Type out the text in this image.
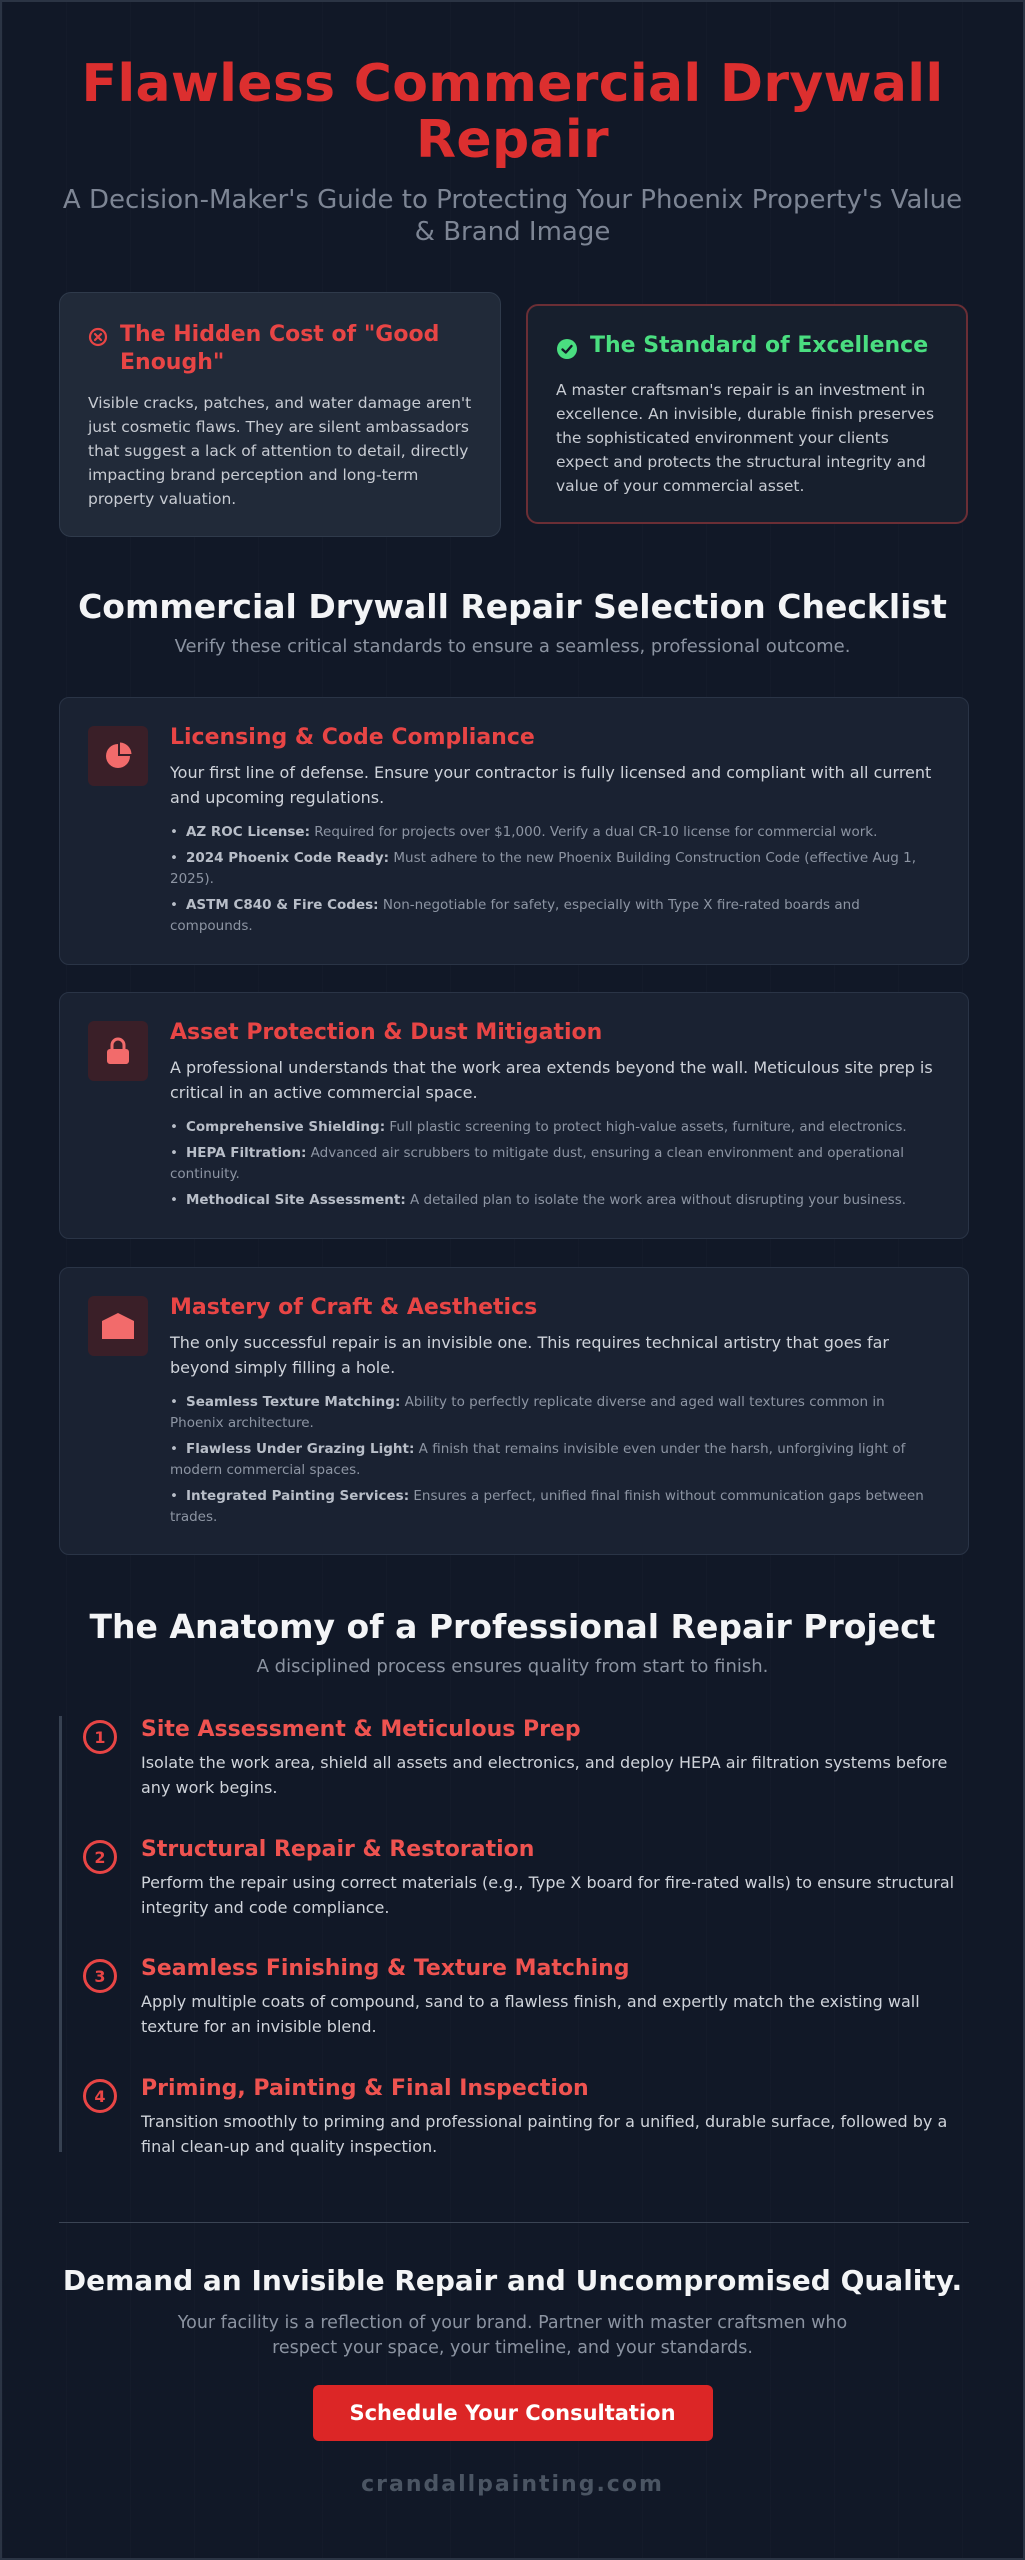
Flawless Commercial Drywall Repair

A Decision-Maker's Guide to Protecting Your Phoenix Property's Value & Brand Image

The Hidden Cost of "Good Enough"

Visible cracks, patches, and water damage aren't just cosmetic flaws. They are silent ambassadors that suggest a lack of attention to detail, directly impacting brand perception and long-term property valuation.

The Standard of Excellence

A master craftsman's repair is an investment in excellence. An invisible, durable finish preserves the sophisticated environment your clients expect and protects the structural integrity and value of your commercial asset.

Commercial Drywall Repair Selection Checklist

Verify these critical standards to ensure a seamless, professional outcome.

Licensing & Code Compliance

Your first line of defense. Ensure your contractor is fully licensed and compliant with all current and upcoming regulations.

• AZ ROC License: Required for projects over $1,000. Verify a dual CR-10 license for commercial work.
• 2024 Phoenix Code Ready: Must adhere to the new Phoenix Building Construction Code (effective Aug 1, 2025).
• ASTM C840 & Fire Codes: Non-negotiable for safety, especially with Type X fire-rated boards and compounds.
Asset Protection & Dust Mitigation

A professional understands that the work area extends beyond the wall. Meticulous site prep is critical in an active commercial space.

• Comprehensive Shielding: Full plastic screening to protect high-value assets, furniture, and electronics.
• HEPA Filtration: Advanced air scrubbers to mitigate dust, ensuring a clean environment and operational continuity.
• Methodical Site Assessment: A detailed plan to isolate the work area without disrupting your business.
Mastery of Craft & Aesthetics

The only successful repair is an invisible one. This requires technical artistry that goes far beyond simply filling a hole.

• Seamless Texture Matching: Ability to perfectly replicate diverse and aged wall textures common in Phoenix architecture.
• Flawless Under Grazing Light: A finish that remains invisible even under the harsh, unforgiving light of modern commercial spaces.
• Integrated Painting Services: Ensures a perfect, unified final finish without communication gaps between trades.
The Anatomy of a Professional Repair Project

A disciplined process ensures quality from start to finish.

1	Site Assessment & Meticulous Prep

Isolate the work area, shield all assets and electronics, and deploy HEPA air filtration systems before any work begins.

2	Structural Repair & Restoration

Perform the repair using correct materials (e.g., Type X board for fire-rated walls) to ensure structural integrity and code compliance.

3	Seamless Finishing & Texture Matching

Apply multiple coats of compound, sand to a flawless finish, and expertly match the existing wall texture for an invisible blend.

4	Priming, Painting & Final Inspection

Transition smoothly to priming and professional painting for a unified, durable surface, followed by a final clean-up and quality inspection.

Demand an Invisible Repair and Uncompromised Quality.

Your facility is a reflection of your brand. Partner with master craftsmen who respect your space, your timeline, and your standards.

Schedule Your Consultation
crandallpainting.com
